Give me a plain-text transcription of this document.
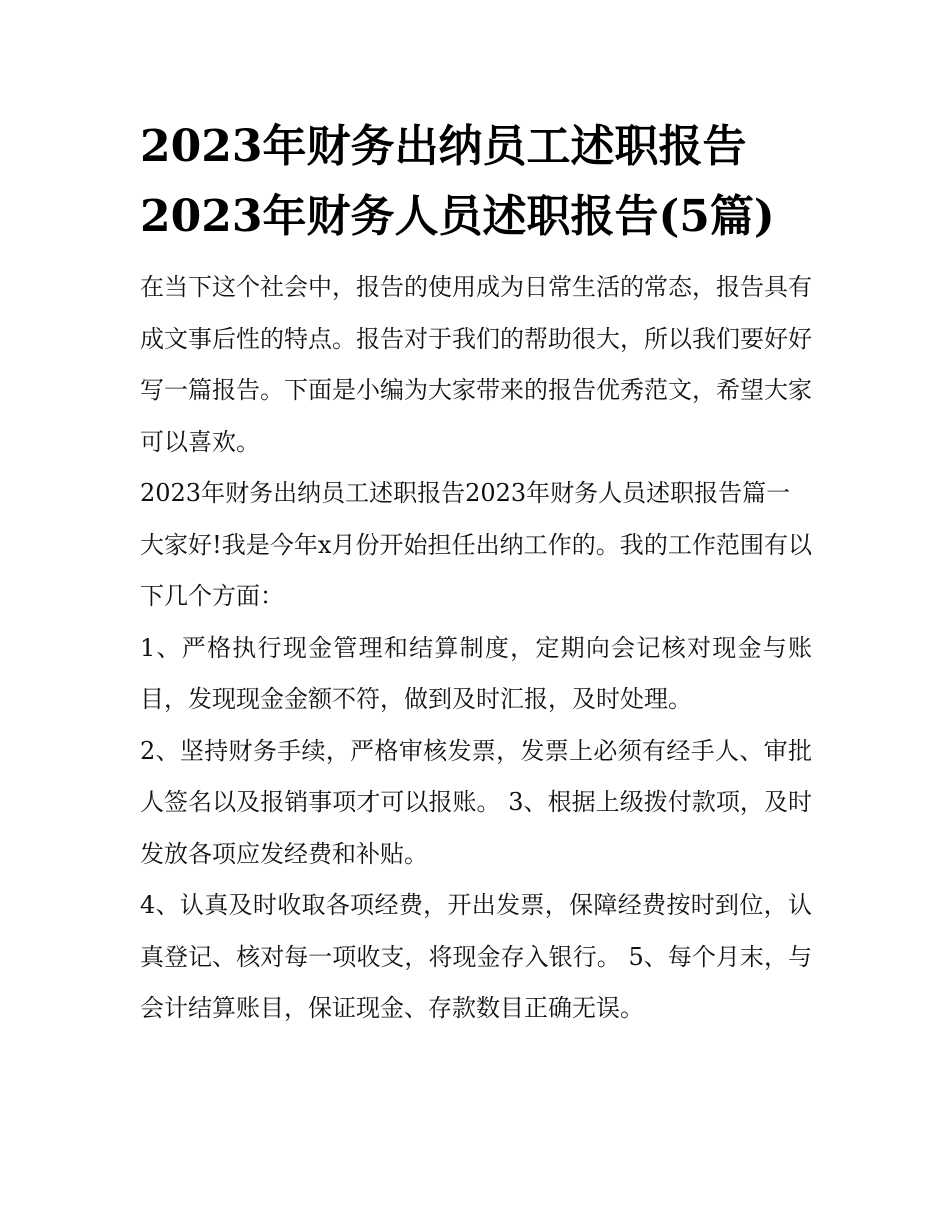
2023年财务出纳员工述职报告2023年财务人员述职报告(5篇)

在当下这个社会中，报告的使用成为日常生活的常态，报告具有成文事后性的特点。报告对于我们的帮助很大，所以我们要好好写一篇报告。下面是小编为大家带来的报告优秀范文，希望大家可以喜欢。

2023年财务出纳员工述职报告2023年财务人员述职报告篇一

大家好!我是今年x月份开始担任出纳工作的。我的工作范围有以下几个方面：

1、严格执行现金管理和结算制度，定期向会记核对现金与账目，发现现金金额不符，做到及时汇报，及时处理。

2、坚持财务手续，严格审核发票，发票上必须有经手人、审批人签名以及报销事项才可以报账。 3、根据上级拨付款项，及时发放各项应发经费和补贴。

4、认真及时收取各项经费，开出发票，保障经费按时到位，认真登记、核对每一项收支，将现金存入银行。 5、每个月末，与会计结算账目，保证现金、存款数目正确无误。
